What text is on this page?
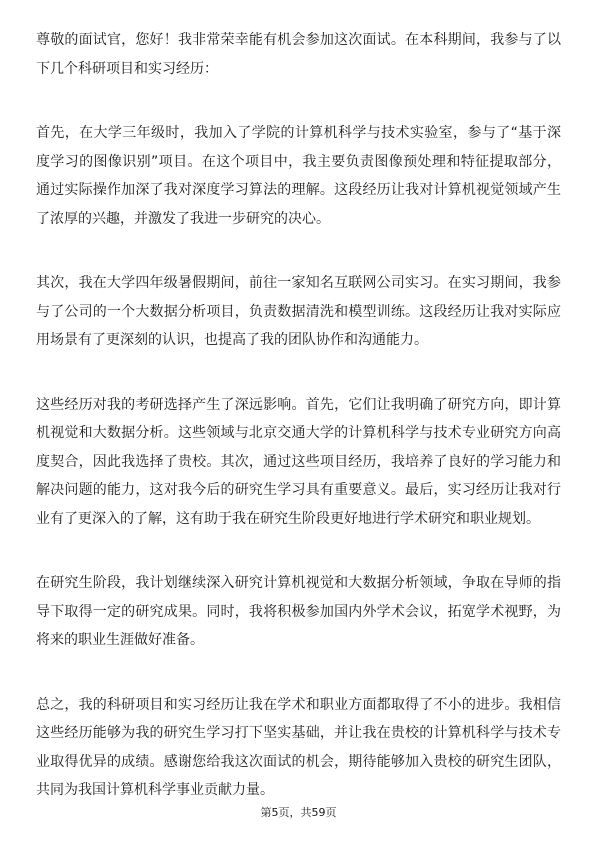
尊敬的面试官，您好！我非常荣幸能有机会参加这次面试。在本科期间，我参与了以下几个科研项目和实习经历：

首先，在大学三年级时，我加入了学院的计算机科学与技术实验室，参与了“基于深度学习的图像识别”项目。在这个项目中，我主要负责图像预处理和特征提取部分，通过实际操作加深了我对深度学习算法的理解。这段经历让我对计算机视觉领域产生了浓厚的兴趣，并激发了我进一步研究的决心。

其次，我在大学四年级暑假期间，前往一家知名互联网公司实习。在实习期间，我参与了公司的一个大数据分析项目，负责数据清洗和模型训练。这段经历让我对实际应用场景有了更深刻的认识，也提高了我的团队协作和沟通能力。

这些经历对我的考研选择产生了深远影响。首先，它们让我明确了研究方向，即计算机视觉和大数据分析。这些领域与北京交通大学的计算机科学与技术专业研究方向高度契合，因此我选择了贵校。其次，通过这些项目经历，我培养了良好的学习能力和解决问题的能力，这对我今后的研究生学习具有重要意义。最后，实习经历让我对行业有了更深入的了解，这有助于我在研究生阶段更好地进行学术研究和职业规划。

在研究生阶段，我计划继续深入研究计算机视觉和大数据分析领域，争取在导师的指导下取得一定的研究成果。同时，我将积极参加国内外学术会议，拓宽学术视野，为将来的职业生涯做好准备。

总之，我的科研项目和实习经历让我在学术和职业方面都取得了不小的进步。我相信这些经历能够为我的研究生学习打下坚实基础，并让我在贵校的计算机科学与技术专业取得优异的成绩。感谢您给我这次面试的机会，期待能够加入贵校的研究生团队，共同为我国计算机科学事业贡献力量。

第5页，共59页
